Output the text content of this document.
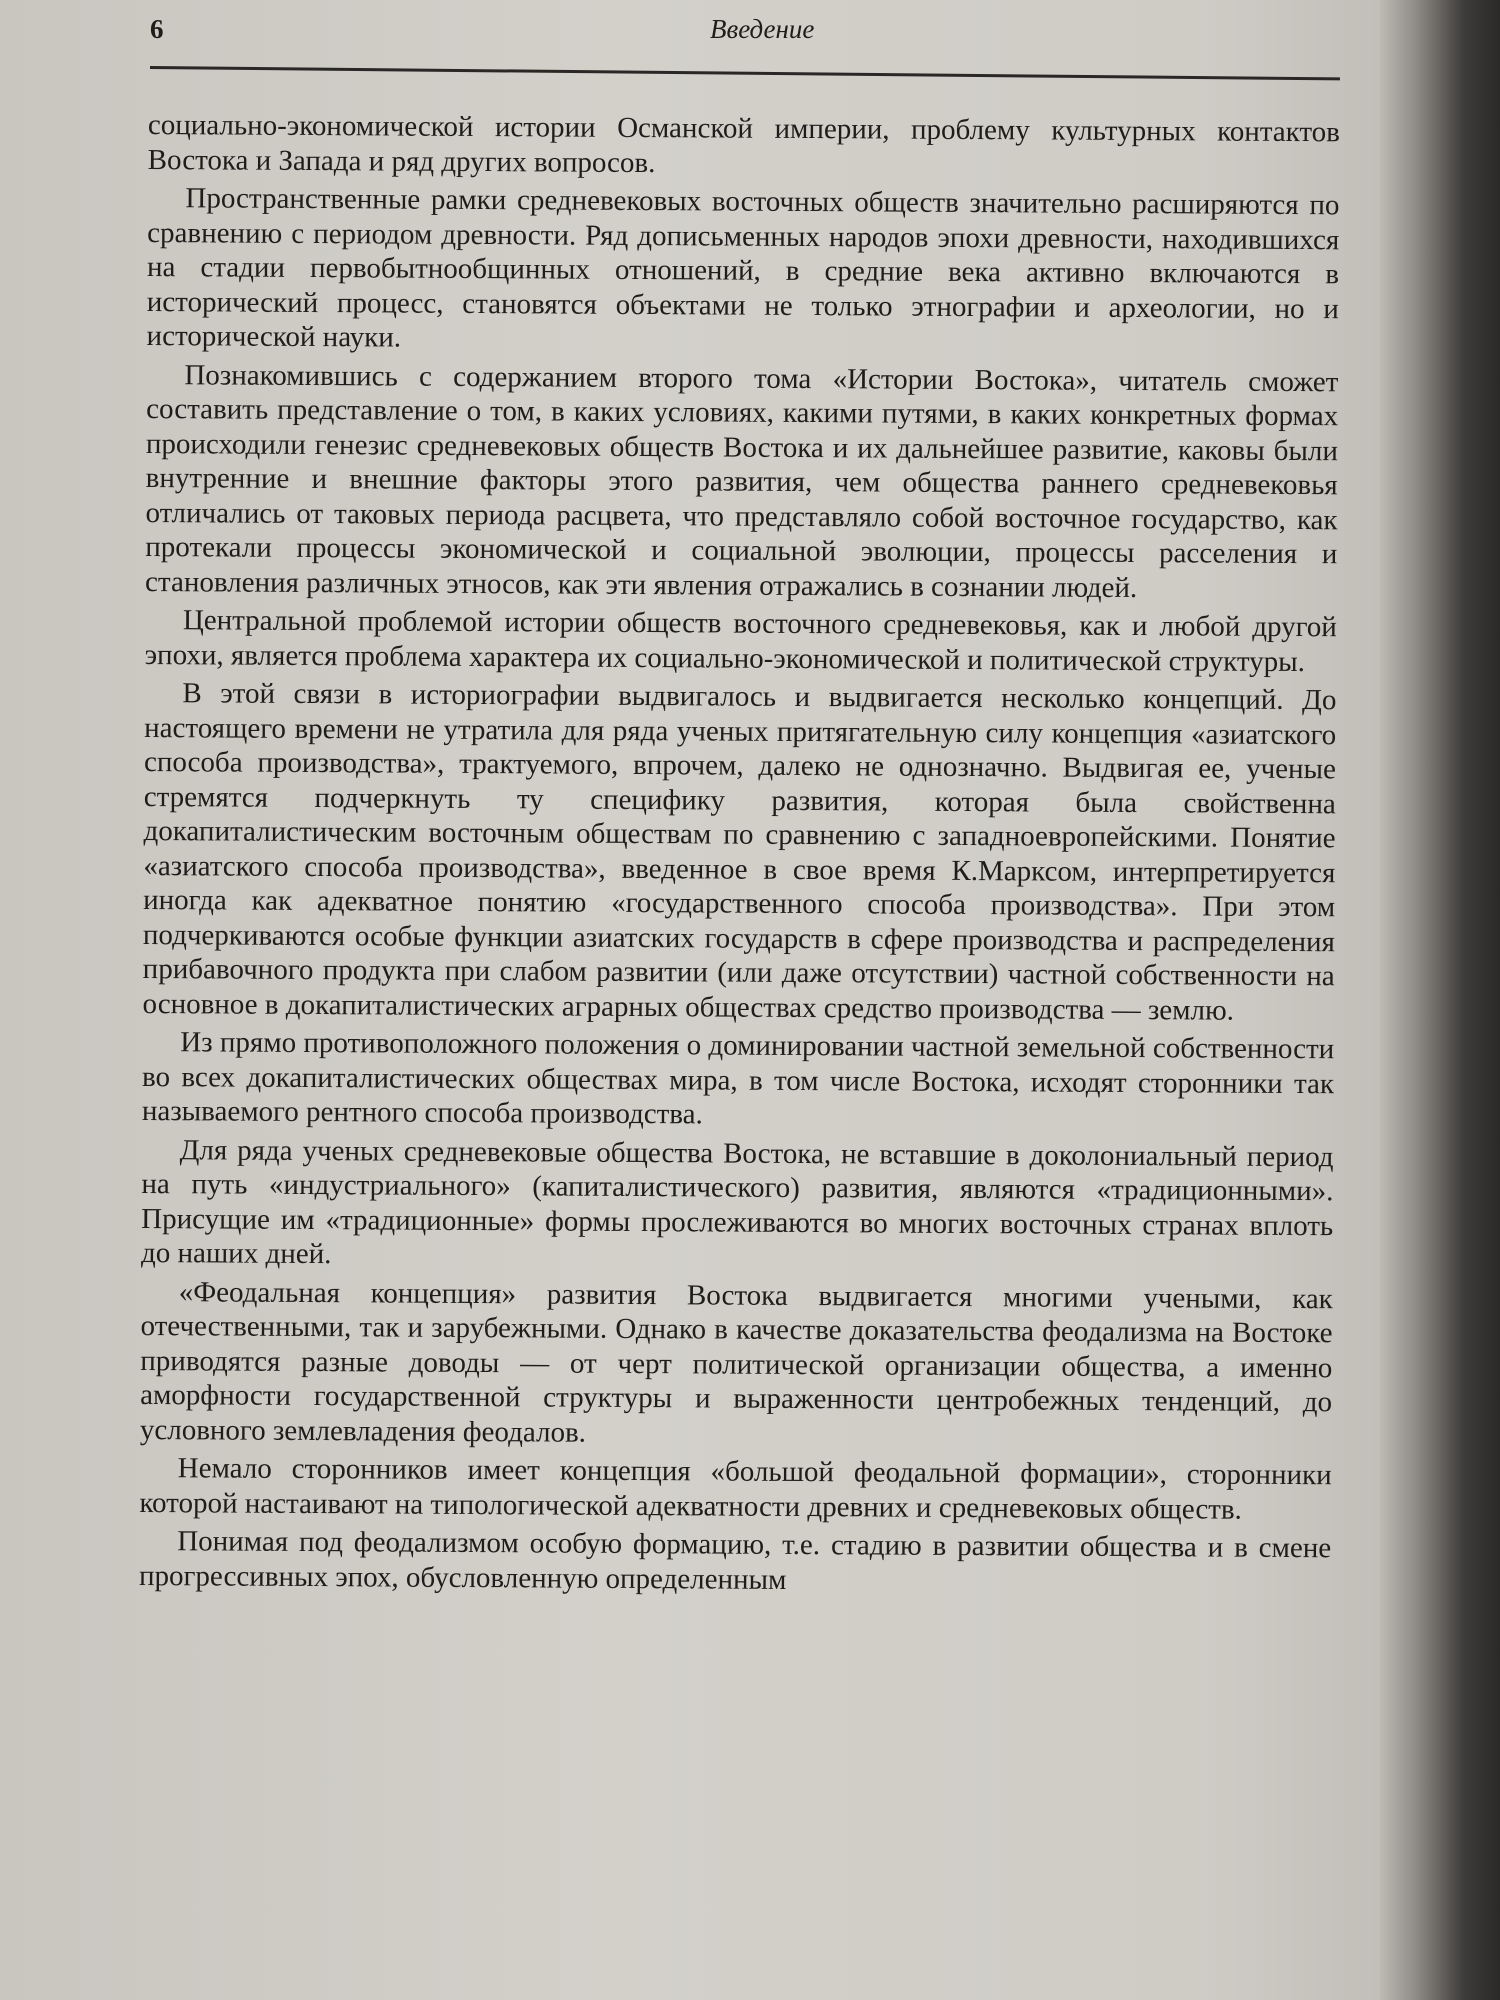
6	Введение

социально-экономической истории Османской империи, проблему культурных контактов Востока и Запада и ряд других вопросов.

Пространственные рамки средневековых восточных обществ значительно расширяются по сравнению с периодом древности. Ряд дописьменных народов эпохи древности, находившихся на стадии первобытнообщинных отношений, в средние века активно включаются в исторический процесс, становятся объектами не только этнографии и археологии, но и исторической науки.

Познакомившись с содержанием второго тома «Истории Востока», читатель сможет составить представление о том, в каких условиях, какими путями, в каких конкретных формах происходили генезис средневековых обществ Востока и их дальнейшее развитие, каковы были внутренние и внешние факторы этого развития, чем общества раннего средневековья отличались от таковых периода расцвета, что представляло собой восточное государство, как протекали процессы экономической и социальной эволюции, процессы расселения и становления различных этносов, как эти явления отражались в сознании людей.

Центральной проблемой истории обществ восточного средневековья, как и любой другой эпохи, является проблема характера их социально-экономической и политической структуры.

В этой связи в историографии выдвигалось и выдвигается несколько концепций. До настоящего времени не утратила для ряда ученых притягательную силу концепция «азиатского способа производства», трактуемого, впрочем, далеко не однозначно. Выдвигая ее, ученые стремятся подчеркнуть ту специфику развития, которая была свойственна докапиталистическим восточным обществам по сравнению с западноевропейскими. Понятие «азиатского способа производства», введенное в свое время К.Марксом, интерпретируется иногда как адекватное понятию «государственного способа производства». При этом подчеркиваются особые функции азиатских государств в сфере производства и распределения прибавочного продукта при слабом развитии (или даже отсутствии) частной собственности на основное в докапиталистических аграрных обществах средство производства — землю.

Из прямо противоположного положения о доминировании частной земельной собственности во всех докапиталистических обществах мира, в том числе Востока, исходят сторонники так называемого рентного способа производства.

Для ряда ученых средневековые общества Востока, не вставшие в доколониальный период на путь «индустриального» (капиталистического) развития, являются «традиционными». Присущие им «традиционные» формы прослеживаются во многих восточных странах вплоть до наших дней.

«Феодальная концепция» развития Востока выдвигается многими учеными, как отечественными, так и зарубежными. Однако в качестве доказательства феодализма на Востоке приводятся разные доводы — от черт политической организации общества, а именно аморфности государственной структуры и выраженности центробежных тенденций, до условного землевладения феодалов.

Немало сторонников имеет концепция «большой феодальной формации», сторонники которой настаивают на типологической адекватности древних и средневековых обществ.

Понимая под феодализмом особую формацию, т.е. стадию в развитии общества и в смене прогрессивных эпох, обусловленную определенным
